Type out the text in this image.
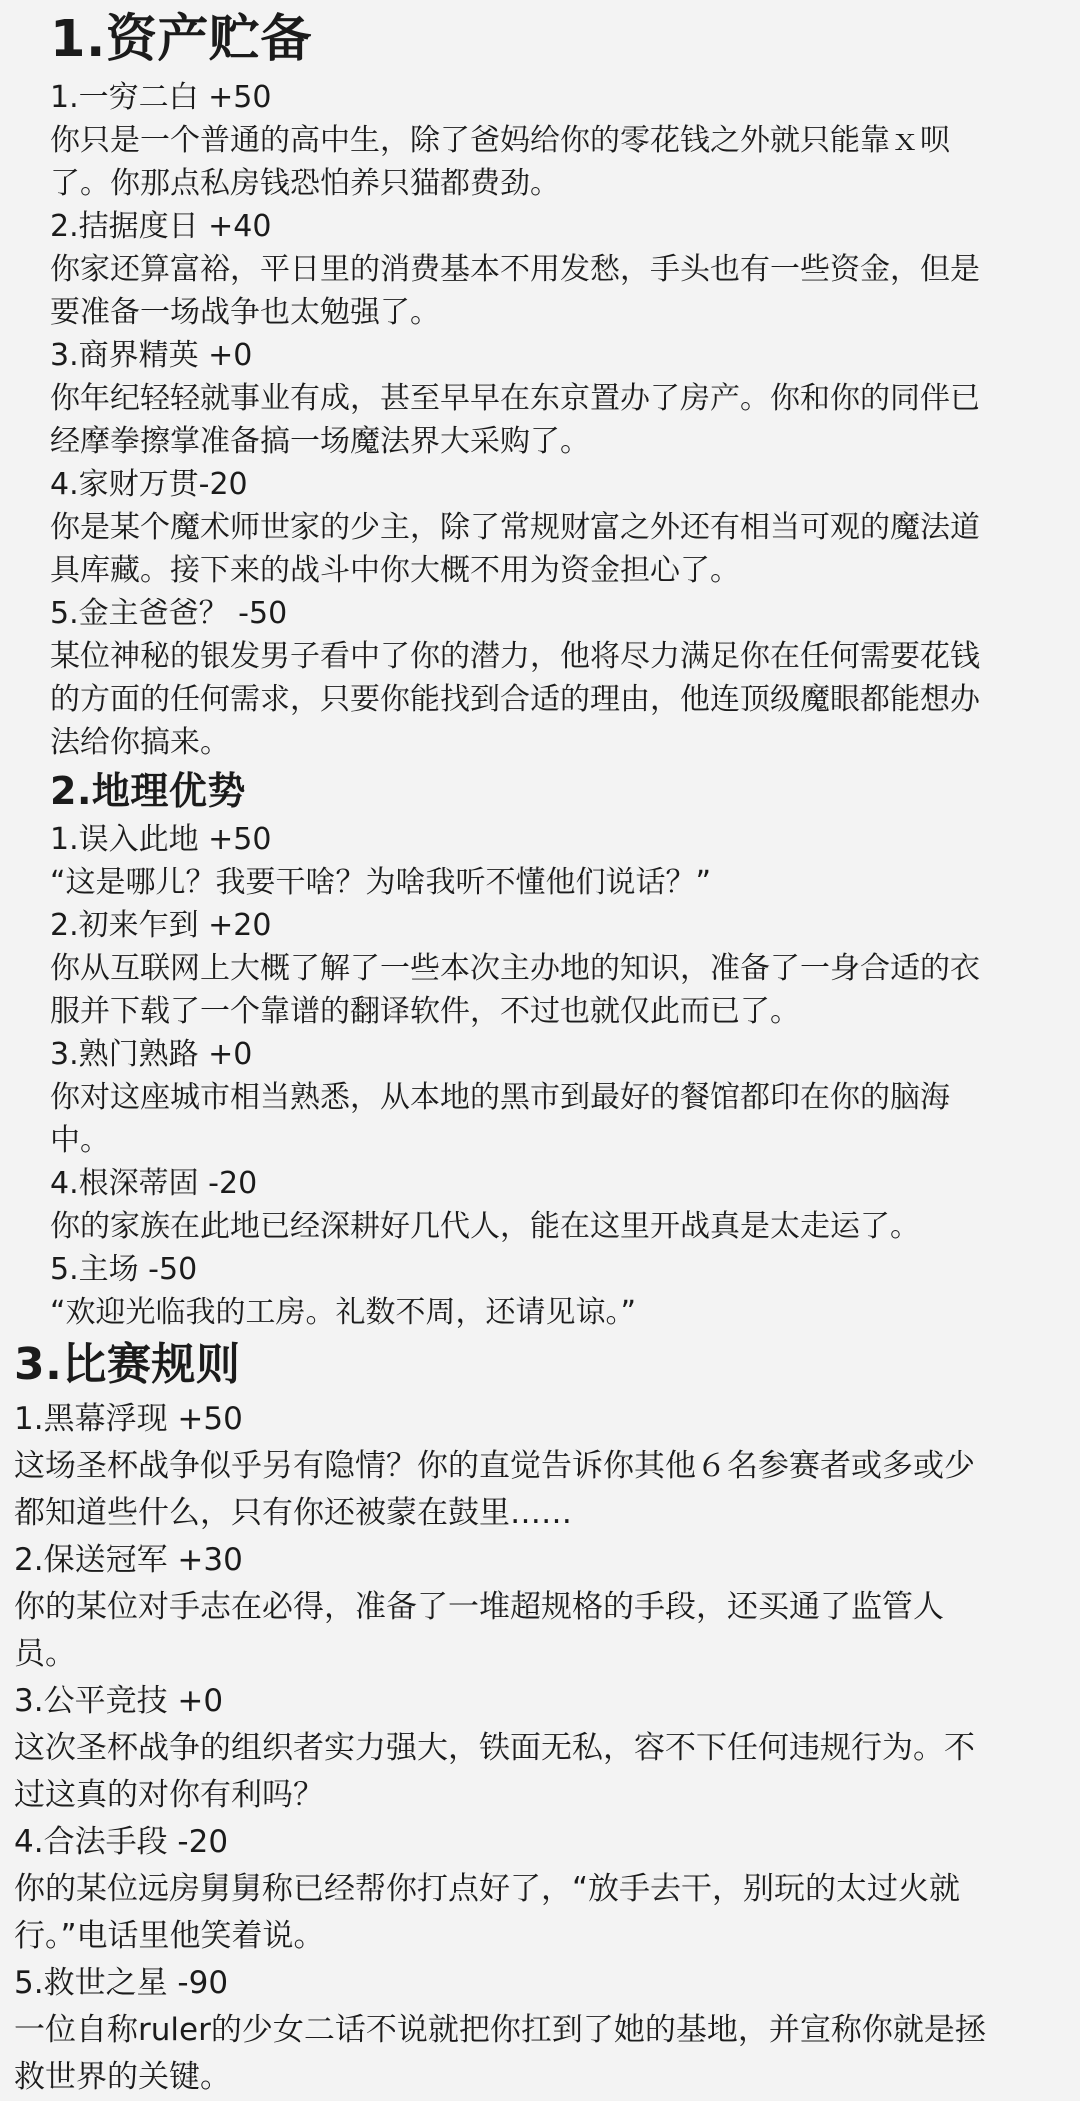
1.资产贮备

1.一穷二白 +50

你只是一个普通的高中生，除了爸妈给你的零花钱之外就只能靠ｘ呗

了。你那点私房钱恐怕养只猫都费劲。

2.拮据度日 +40

你家还算富裕，平日里的消费基本不用发愁，手头也有一些资金，但是

要准备一场战争也太勉强了。

3.商界精英 +0

你年纪轻轻就事业有成，甚至早早在东京置办了房产。你和你的同伴已

经摩拳擦掌准备搞一场魔法界大采购了。

4.家财万贯-20

你是某个魔术师世家的少主，除了常规财富之外还有相当可观的魔法道

具库藏。接下来的战斗中你大概不用为资金担心了。

5.金主爸爸？ -50

某位神秘的银发男子看中了你的潜力，他将尽力满足你在任何需要花钱

的方面的任何需求，只要你能找到合适的理由，他连顶级魔眼都能想办

法给你搞来。

2.地理优势

1.误入此地 +50

“这是哪儿？我要干啥？为啥我听不懂他们说话？”

2.初来乍到 +20

你从互联网上大概了解了一些本次主办地的知识，准备了一身合适的衣

服并下载了一个靠谱的翻译软件，不过也就仅此而已了。

3.熟门熟路 +0

你对这座城市相当熟悉，从本地的黑市到最好的餐馆都印在你的脑海

中。

4.根深蒂固 -20

你的家族在此地已经深耕好几代人，能在这里开战真是太走运了。

5.主场 -50

“欢迎光临我的工房。礼数不周，还请见谅。”

3.比赛规则

1.黑幕浮现 +50

这场圣杯战争似乎另有隐情？你的直觉告诉你其他６名参赛者或多或少

都知道些什么，只有你还被蒙在鼓里……

2.保送冠军 +30

你的某位对手志在必得，准备了一堆超规格的手段，还买通了监管人

员。

3.公平竞技 +0

这次圣杯战争的组织者实力强大，铁面无私，容不下任何违规行为。不

过这真的对你有利吗？

4.合法手段 -20

你的某位远房舅舅称已经帮你打点好了，“放手去干，别玩的太过火就

行。”电话里他笑着说。

5.救世之星 -90

一位自称ruler的少女二话不说就把你扛到了她的基地，并宣称你就是拯

救世界的关键。
